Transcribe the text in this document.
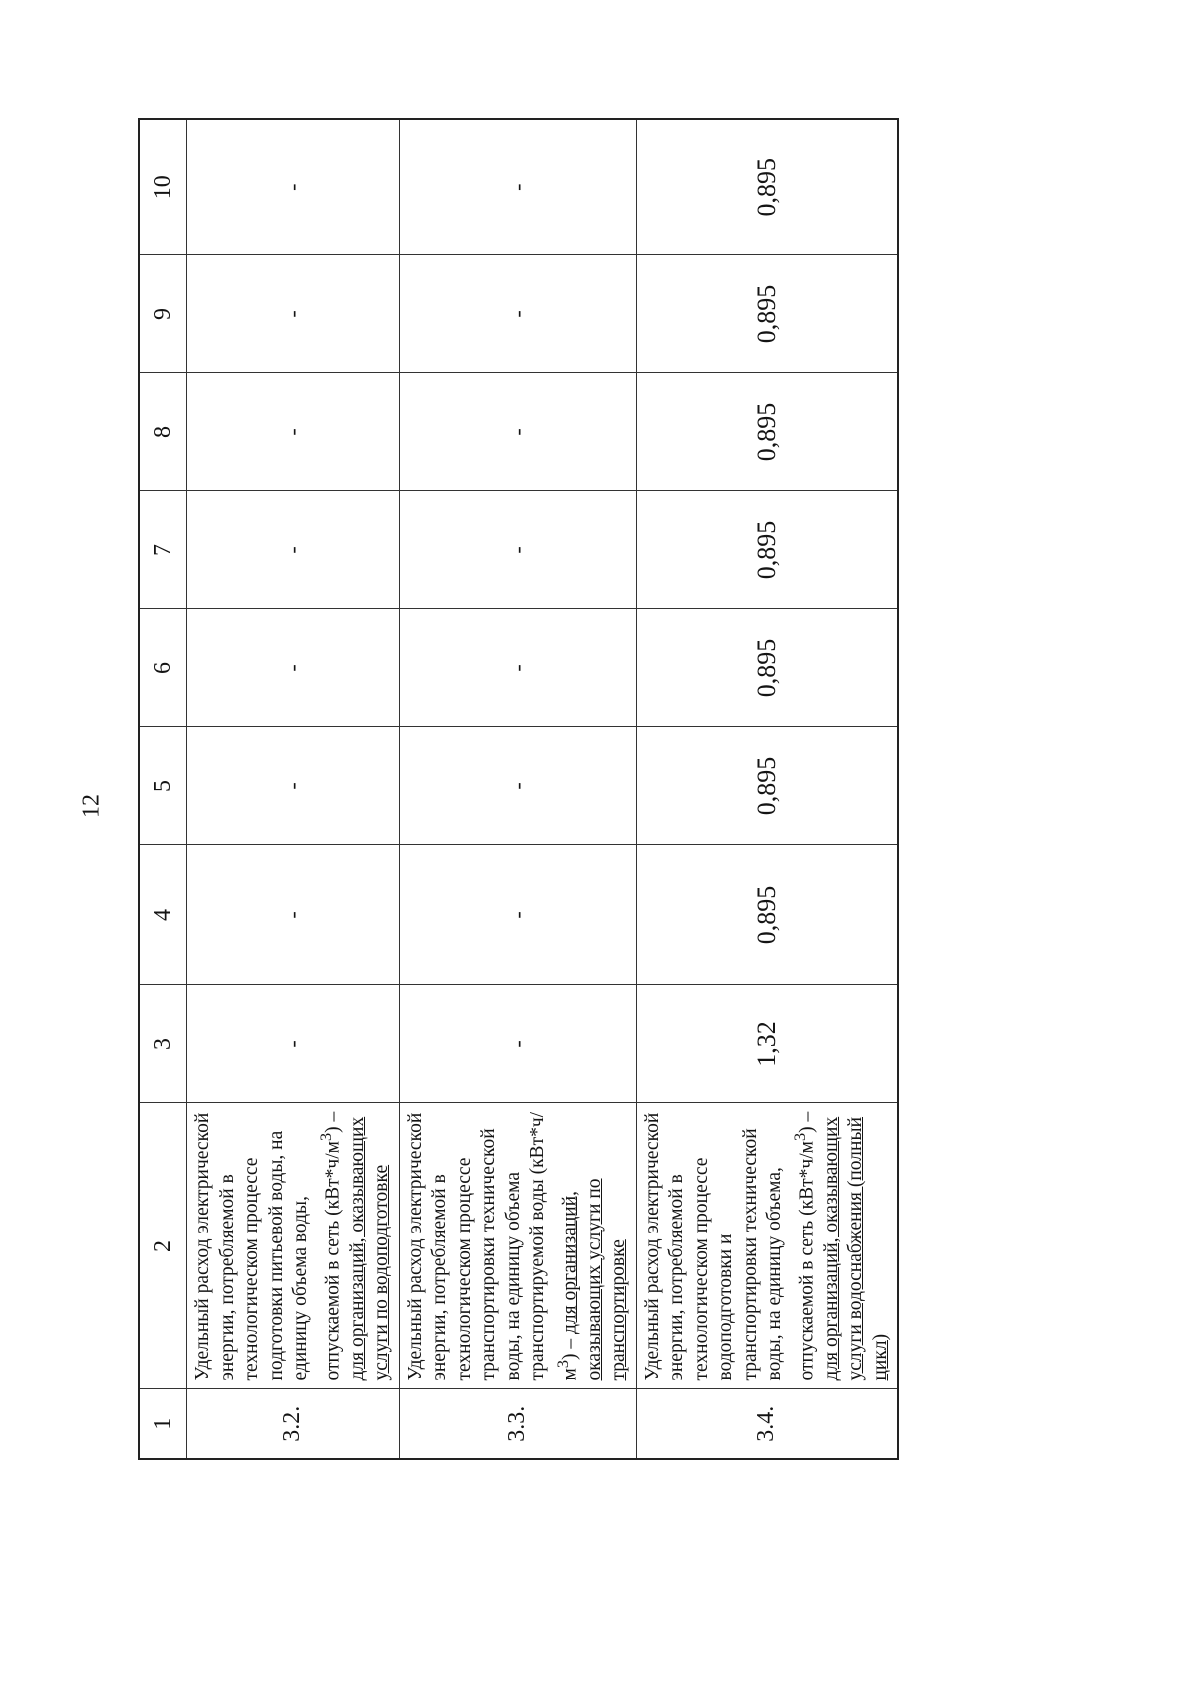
12
1	2	3	4	5	6	7	8	9	10
3.2.	Удельный расход электрической энергии, потребляемой в технологическом процессе подготовки питьевой воды, на единицу объема воды, отпускаемой в сеть $(кВт*ч/м^3)$ – для организаций, оказывающих услуги по водоподготовке	-	-	-	-	-	-	-	-
3.3.	Удельный расход электрической энергии, потребляемой в технологическом процессе транспортировки технической воды, на единицу объема транспортируемой воды $(кВт*ч/м^3)$ – для организаций, оказывающих услуги по транспортировке	-	-	-	-	-	-	-	-
3.4.	Удельный расход электрической энергии, потребляемой в технологическом процессе водоподготовки и транспортировки технической воды, на единицу объема, отпускаемой в сеть $(кВт*ч/м^3)$ – для организаций, оказывающих услуги водоснабжения (полный цикл)	1,32	0,895	0,895	0,895	0,895	0,895	0,895	0,895
